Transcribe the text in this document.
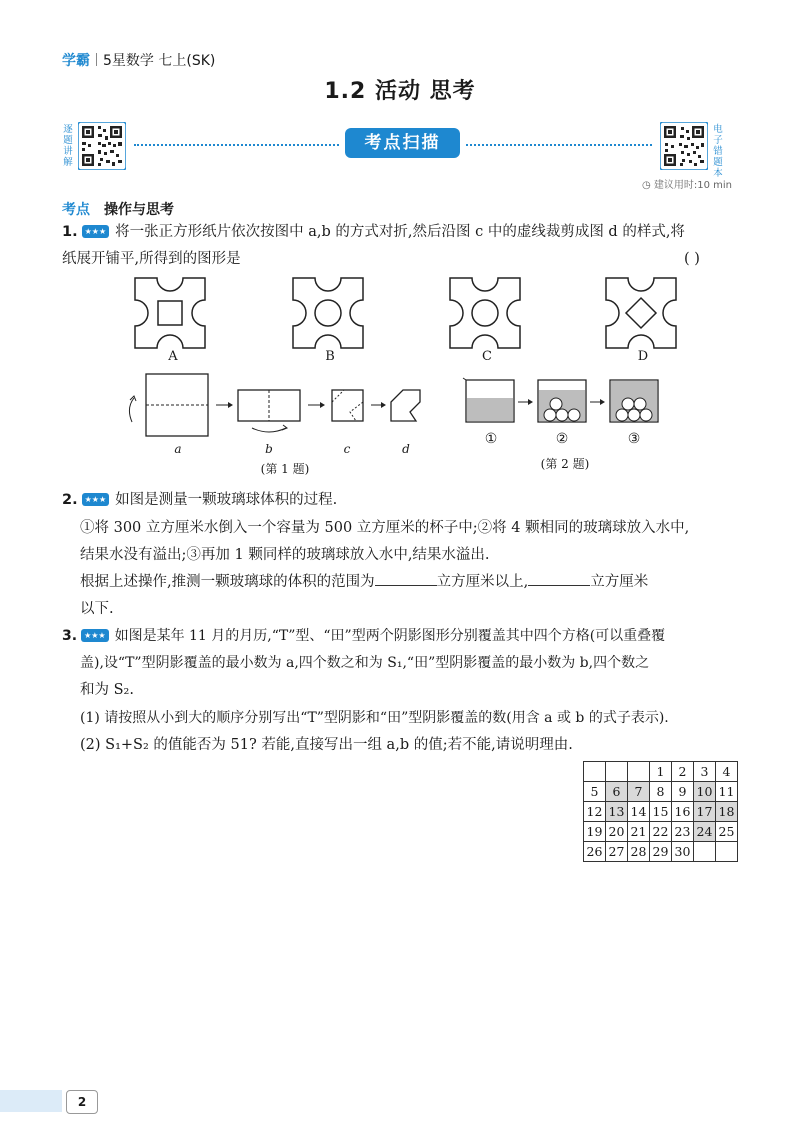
学霸 5星数学 七上(SK)
1.2 活动 思考
逐题讲解
考点扫描
电子错题本
◷ 建议用时:10 min
考点 操作与思考
1. ★★★ 将一张正方形纸片依次按图中 a,b 的方式对折,然后沿图 c 中的虚线裁剪成图 d 的样式,将
纸展开铺平,所得到的图形是	( )
A	B	C	D
a	b	c	d
(第 1 题)
①	②	③
(第 2 题)
2. ★★★ 如图是测量一颗玻璃球体积的过程.
①将 300 立方厘米水倒入一个容量为 500 立方厘米的杯子中;②将 4 颗相同的玻璃球放入水中,
结果水没有溢出;③再加 1 颗同样的玻璃球放入水中,结果水溢出.
根据上述操作,推测一颗玻璃球的体积的范围为	立方厘米以上,	立方厘米
以下.
3. ★★★ 如图是某年 11 月的月历,“T”型、“田”型两个阴影图形分别覆盖其中四个方格(可以重叠覆
盖),设“T”型阴影覆盖的最小数为 a,四个数之和为 S₁,“田”型阴影覆盖的最小数为 b,四个数之
和为 S₂.
(1) 请按照从小到大的顺序分别写出“T”型阴影和“田”型阴影覆盖的数(用含 a 或 b 的式子表示).
(2) S₁+S₂ 的值能否为 51? 若能,直接写出一组 a,b 的值;若不能,请说明理由.
			1	2	3	4
5	6	7	8	9	10	11
12	13	14	15	16	17	18
19	20	21	22	23	24	25
26	27	28	29	30		
2
